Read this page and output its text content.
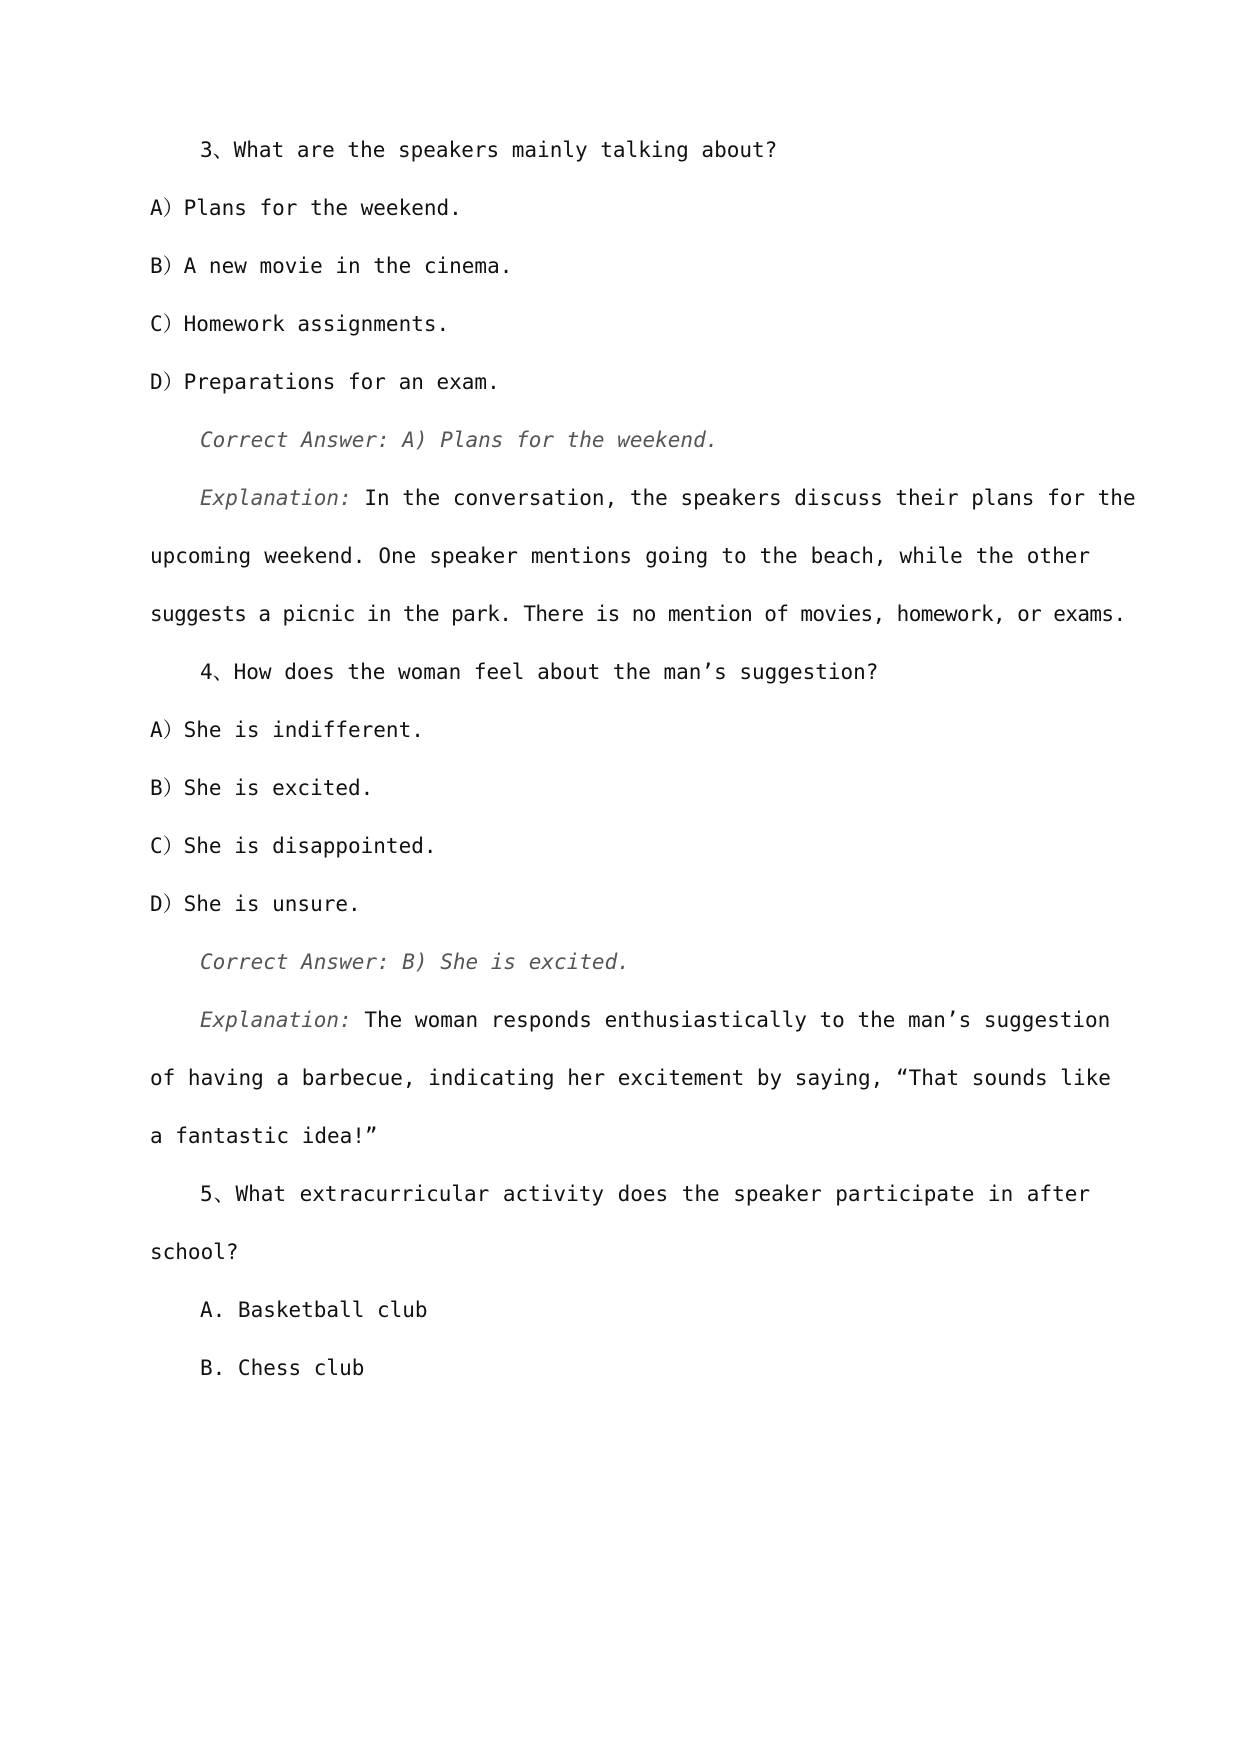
3、What are the speakers mainly talking about?
A）Plans for the weekend.
B）A new movie in the cinema.
C）Homework assignments.
D）Preparations for an exam.
Correct Answer: A) Plans for the weekend.
Explanation: In the conversation, the speakers discuss their plans for the
upcoming weekend. One speaker mentions going to the beach, while the other
suggests a picnic in the park. There is no mention of movies, homework, or exams.
4、How does the woman feel about the man’s suggestion?
A）She is indifferent.
B）She is excited.
C）She is disappointed.
D）She is unsure.
Correct Answer: B) She is excited.
Explanation: The woman responds enthusiastically to the man’s suggestion
of having a barbecue, indicating her excitement by saying, “That sounds like
a fantastic idea!”
5、What extracurricular activity does the speaker participate in after
school?
A. Basketball club
B. Chess club
